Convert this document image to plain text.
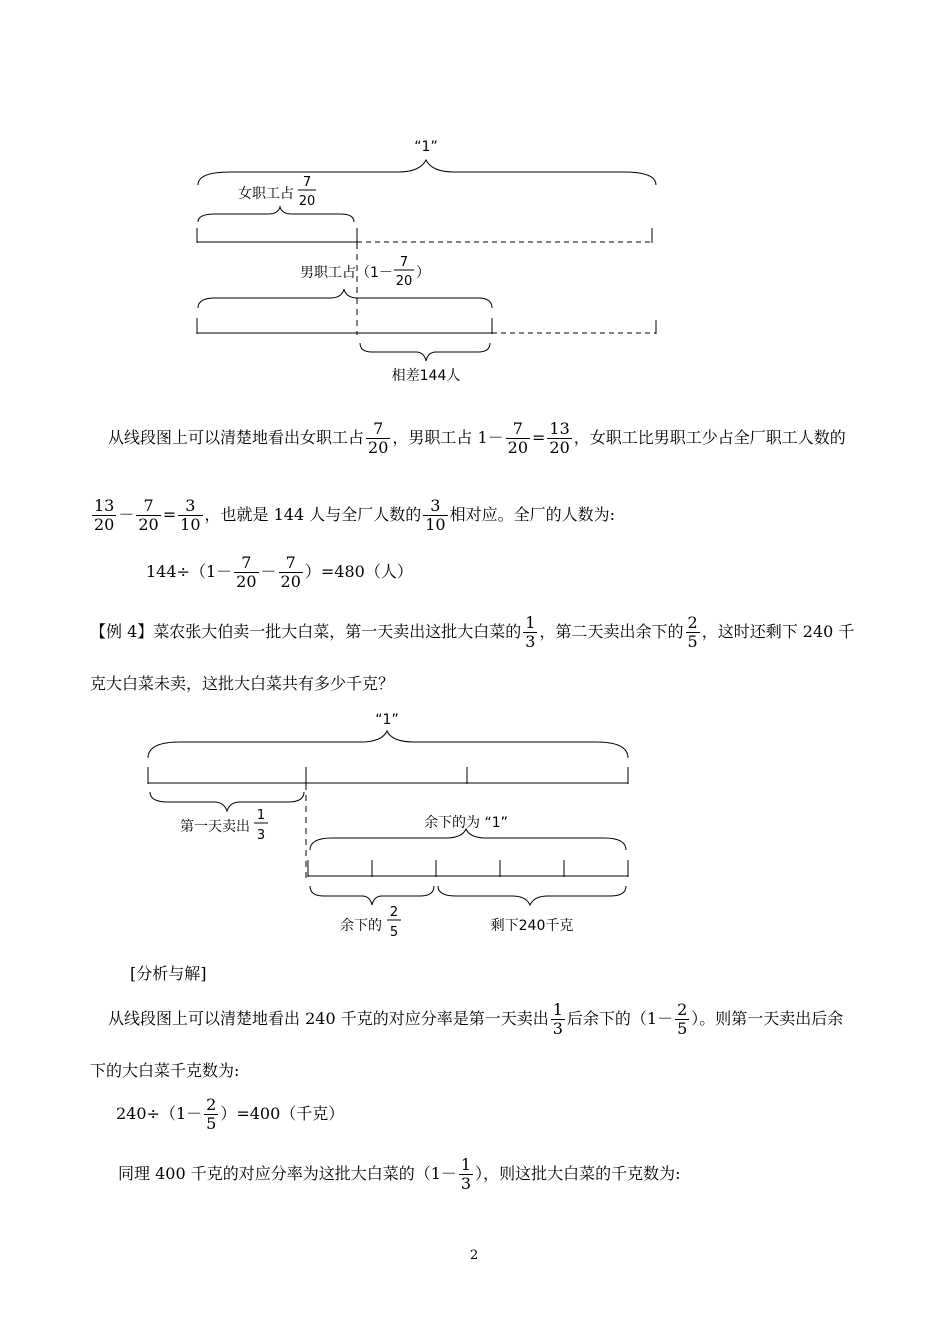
“1”
女职工占
7
20
男职工占（1－
7
20
）
相差144人
从线段图上可以清楚地看出女职工占 $\frac{7}{20}$ ，男职工占 $1- \frac{7}{20} = \frac{13}{20}$ ，女职工比男职工少占全厂职工人数的
$\frac{13}{20} - \frac{7}{20} = \frac{3}{10}$ ，也就是 144 人与全厂人数的 $\frac{3}{10}$ 相对应。全厂的人数为:
$144\div(1- \frac{7}{20} - \frac{7}{20} )=480$（人）
【例 4】菜农张大伯卖一批大白菜，第一天卖出这批大白菜的 $\frac{1}{3}$ ，第二天卖出余下的 $\frac{2}{5}$ ，这时还剩下 240 千
克大白菜未卖，这批大白菜共有多少千克？
“1”
第一天卖出
1
3
余下的为 “1”
余下的
2
5	剩下240千克
[分析与解]
从线段图上可以清楚地看出 240 千克的对应分率是第一天卖出 $\frac{1}{3}$ 后余下的（$1- \frac{2}{5}$ ）。则第一天卖出后余
下的大白菜千克数为:
$240\div(1- \frac{2}{5} )=400$（千克）
同理 400 千克的对应分率为这批大白菜的（$1- \frac{1}{3}$ ），则这批大白菜的千克数为:
2
